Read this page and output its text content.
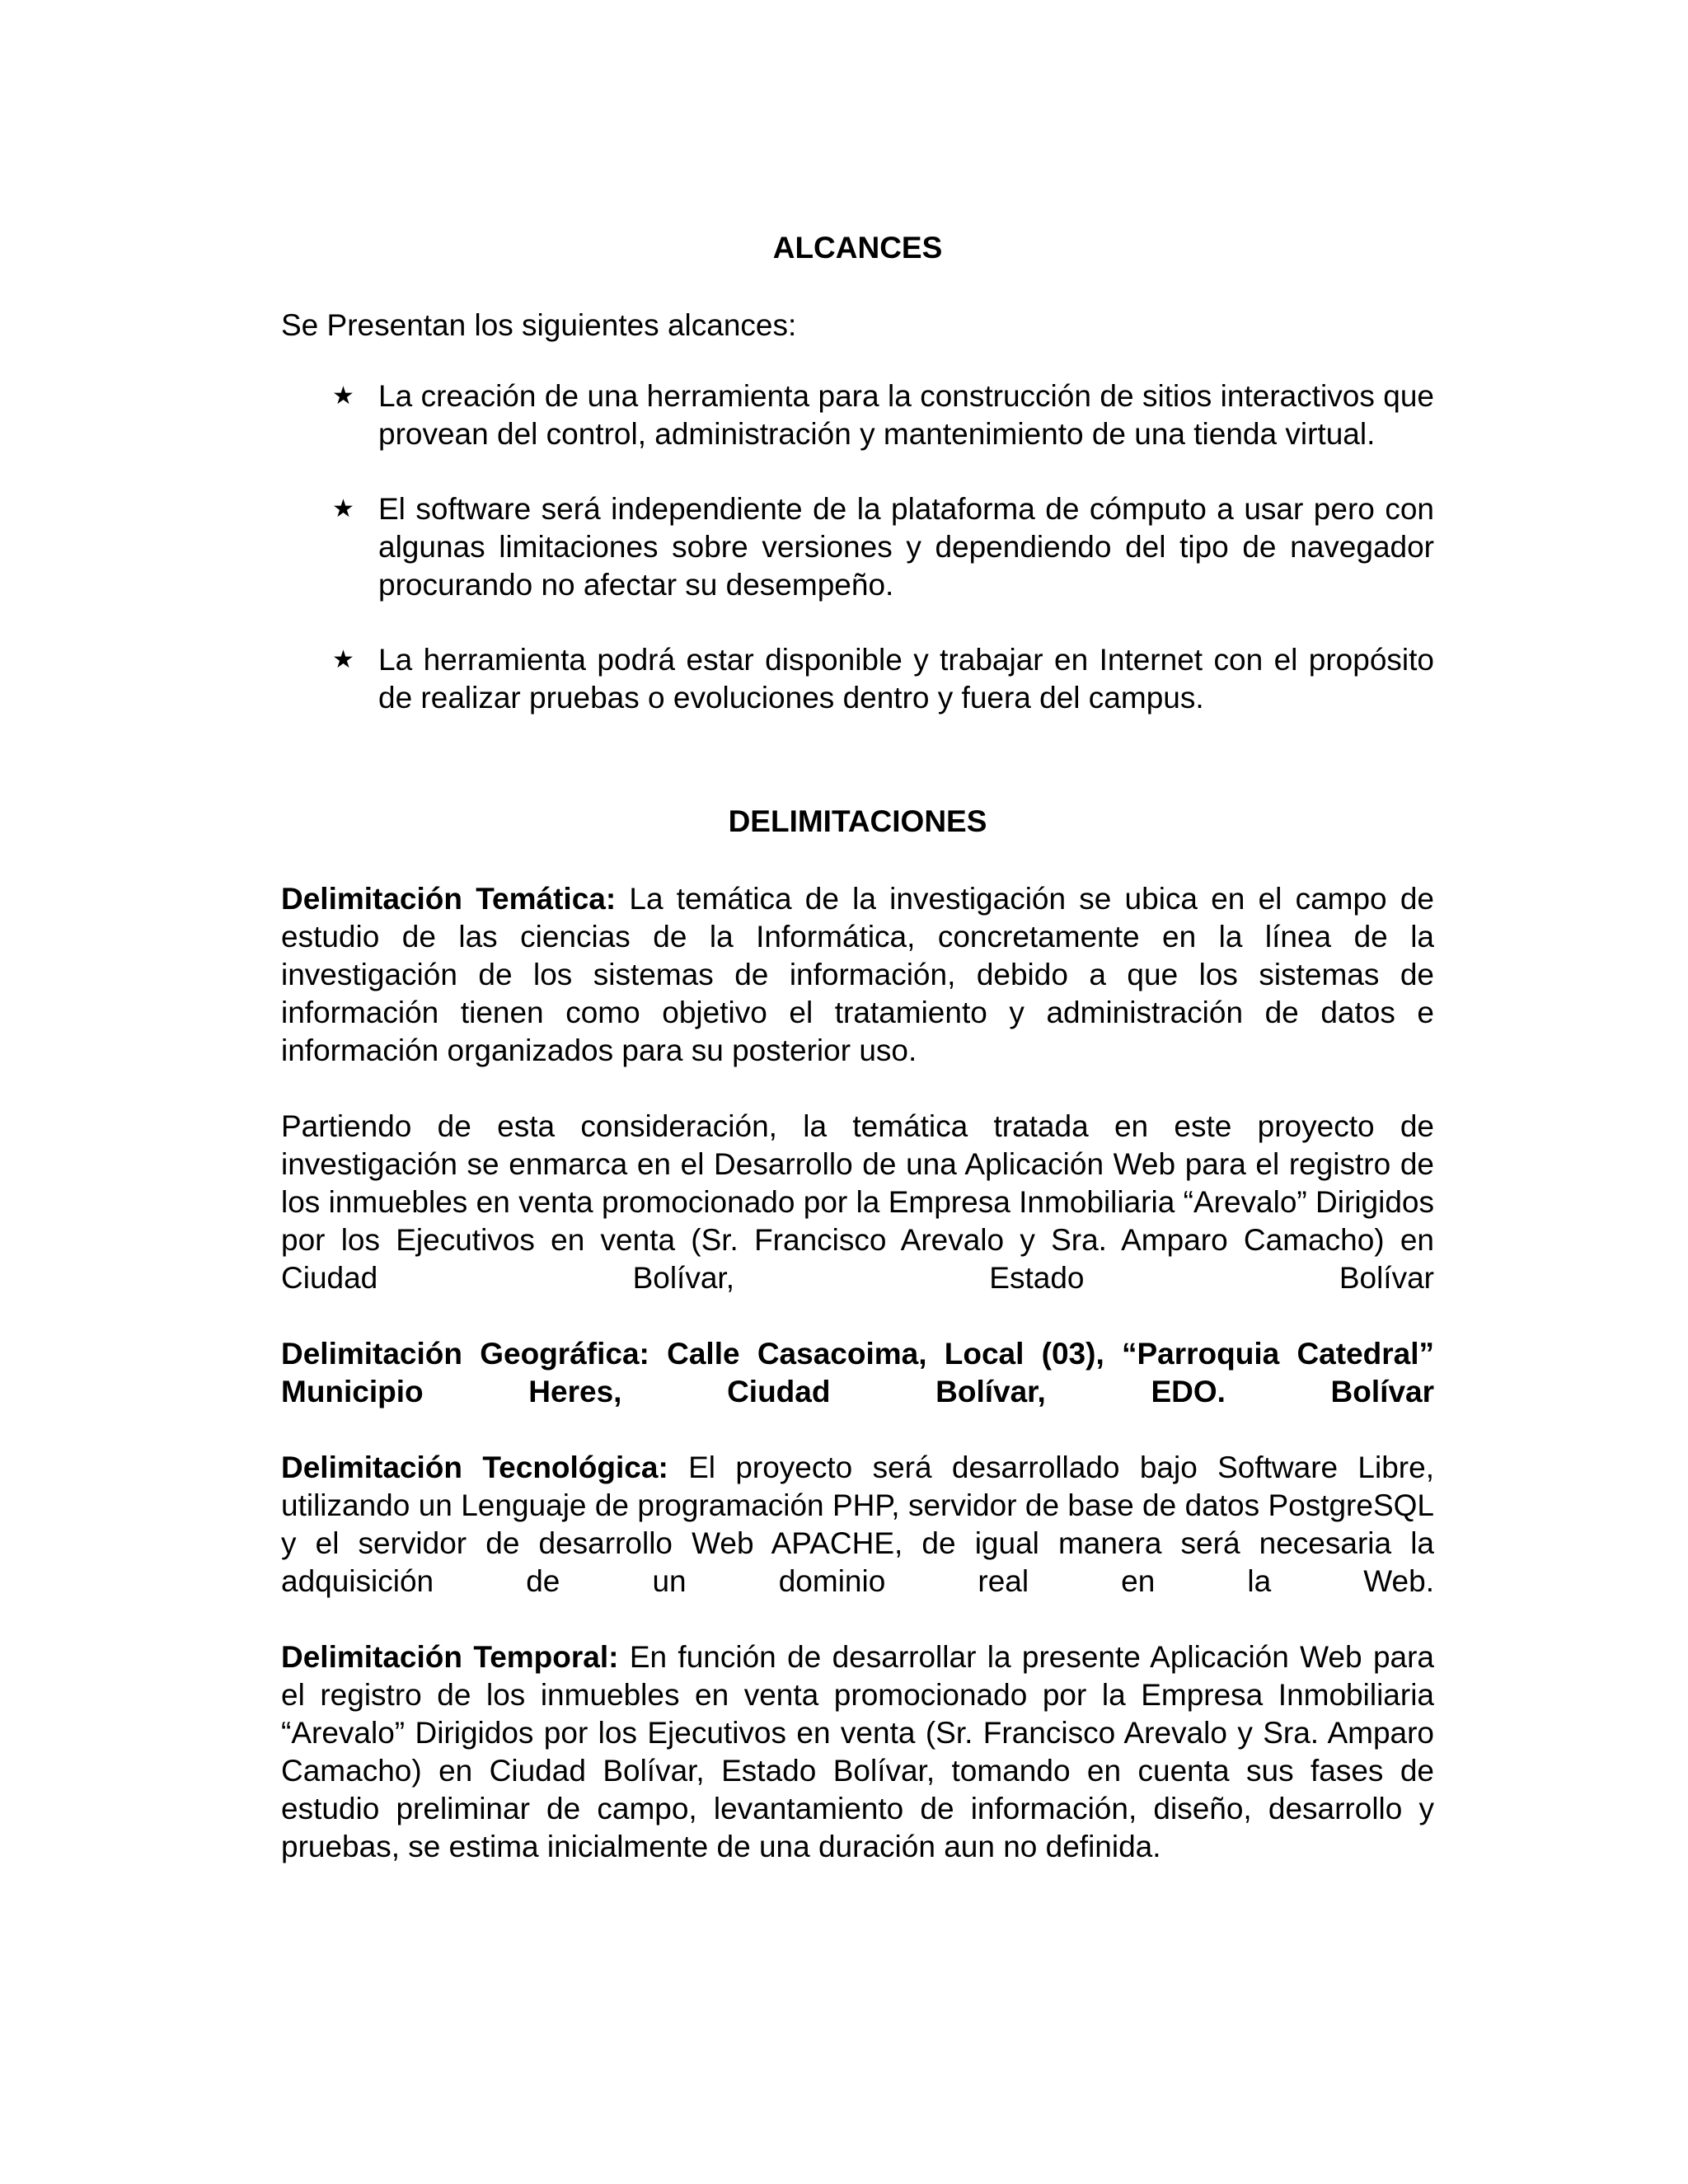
ALCANCES

Se Presentan los siguientes alcances:

★ La creación de una herramienta para la construcción de sitios interactivos que provean del control, administración y mantenimiento de una tienda virtual.
★ El software será independiente de la plataforma de cómputo a usar pero con algunas limitaciones sobre versiones y dependiendo del tipo de navegador procurando no afectar su desempeño.
★ La herramienta podrá estar disponible y trabajar en Internet con el propósito de realizar pruebas o evoluciones dentro y fuera del campus.
DELIMITACIONES

Delimitación Temática: La temática de la investigación se ubica en el campo de estudio de las ciencias de la Informática, concretamente en la línea de la investigación de los sistemas de información, debido a que los sistemas de información tienen como objetivo el tratamiento y administración de datos e información organizados para su posterior uso.

Partiendo de esta consideración, la temática tratada en este proyecto de investigación se enmarca en el Desarrollo de una Aplicación Web para el registro de los inmuebles en venta promocionado por la Empresa Inmobiliaria “Arevalo” Dirigidos por los Ejecutivos en venta (Sr. Francisco Arevalo y Sra. Amparo Camacho) en Ciudad Bolívar, Estado Bolívar

Delimitación Geográfica: Calle Casacoima, Local (03), “Parroquia Catedral” Municipio Heres, Ciudad Bolívar, EDO. Bolívar

Delimitación Tecnológica: El proyecto será desarrollado bajo Software Libre, utilizando un Lenguaje de programación PHP, servidor de base de datos PostgreSQL y el servidor de desarrollo Web APACHE, de igual manera será necesaria la adquisición de un dominio real en la Web.

Delimitación Temporal: En función de desarrollar la presente Aplicación Web para el registro de los inmuebles en venta promocionado por la Empresa Inmobiliaria “Arevalo” Dirigidos por los Ejecutivos en venta (Sr. Francisco Arevalo y Sra. Amparo Camacho) en Ciudad Bolívar, Estado Bolívar, tomando en cuenta sus fases de estudio preliminar de campo, levantamiento de información, diseño, desarrollo y pruebas, se estima inicialmente de una duración aun no definida.
